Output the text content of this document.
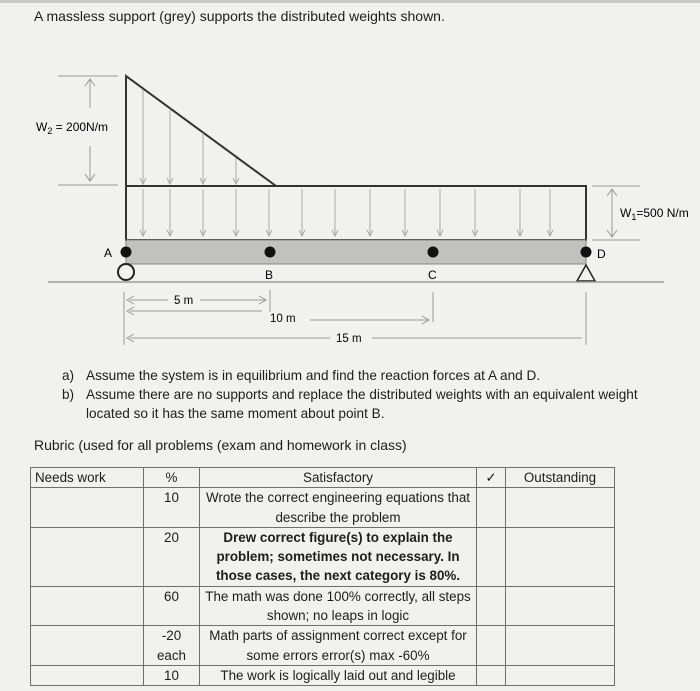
A massless support (grey) supports the distributed weights shown.
$W_2 = 200N/m$
$W_1=500$ N/m
A
B	C
D
5 m
10 m
15 m
a) Assume the system is in equilibrium and find the reaction forces at A and D.
b) Assume there are no supports and replace the distributed weights with an equivalent weight located so it has the same moment about point B.
Rubric (used for all problems (exam and homework in class)
Needs work	%	Satisfactory	✓	Outstanding
	10	Wrote the correct engineering equations that describe the problem		
	20	Drew correct figure(s) to explain the problem; sometimes not necessary. In those cases, the next category is 80%.		
	60	The math was done 100% correctly, all steps shown; no leaps in logic		
	-20 each	Math parts of assignment correct except for some errors error(s) max -60%		
	10	The work is logically laid out and legible		
